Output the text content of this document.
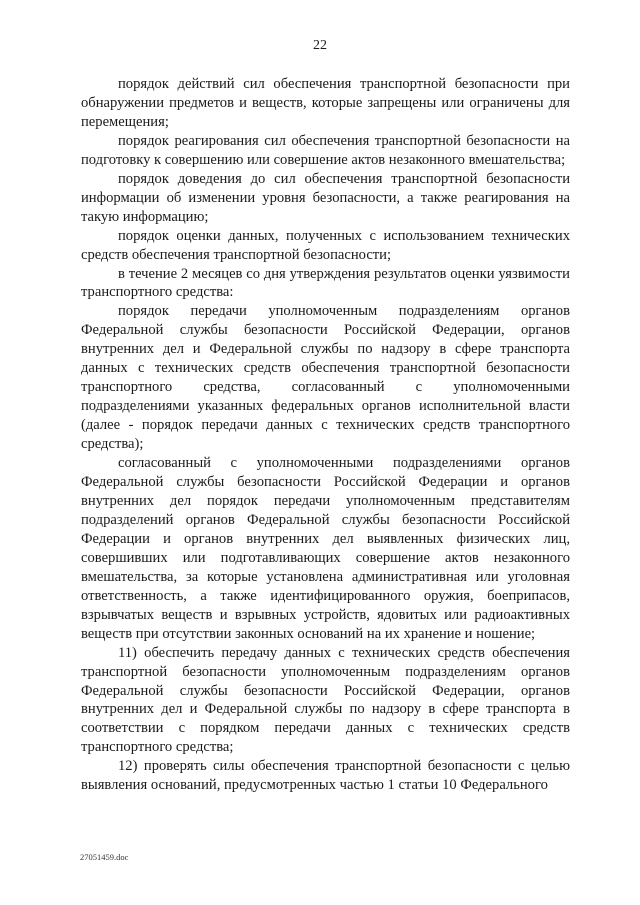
22

порядок действий сил обеспечения транспортной безопасности при обнаружении предметов и веществ, которые запрещены или ограничены для перемещения;

порядок реагирования сил обеспечения транспортной безопасности на подготовку к совершению или совершение актов незаконного вмешательства;

порядок доведения до сил обеспечения транспортной безопасности информации об изменении уровня безопасности, а также реагирования на такую информацию;

порядок оценки данных, полученных с использованием технических средств обеспечения транспортной безопасности;

в течение 2 месяцев со дня утверждения результатов оценки уязвимости транспортного средства:

порядок передачи уполномоченным подразделениям органов Федеральной службы безопасности Российской Федерации, органов внутренних дел и Федеральной службы по надзору в сфере транспорта данных с технических средств обеспечения транспортной безопасности транспортного средства, согласованный с уполномоченными подразделениями указанных федеральных органов исполнительной власти (далее - порядок передачи данных с технических средств транспортного средства);

согласованный с уполномоченными подразделениями органов Федеральной службы безопасности Российской Федерации и органов внутренних дел порядок передачи уполномоченным представителям подразделений органов Федеральной службы безопасности Российской Федерации и органов внутренних дел выявленных физических лиц, совершивших или подготавливающих совершение актов незаконного вмешательства, за которые установлена административная или уголовная ответственность, а также идентифицированного оружия, боеприпасов, взрывчатых веществ и взрывных устройств, ядовитых или радиоактивных веществ при отсутствии законных оснований на их хранение и ношение;

11) обеспечить передачу данных с технических средств обеспечения транспортной безопасности уполномоченным подразделениям органов Федеральной службы безопасности Российской Федерации, органов внутренних дел и Федеральной службы по надзору в сфере транспорта в соответствии с порядком передачи данных с технических средств транспортного средства;

12) проверять силы обеспечения транспортной безопасности с целью выявления оснований, предусмотренных частью 1 статьи 10 Федерального

27051459.doc
